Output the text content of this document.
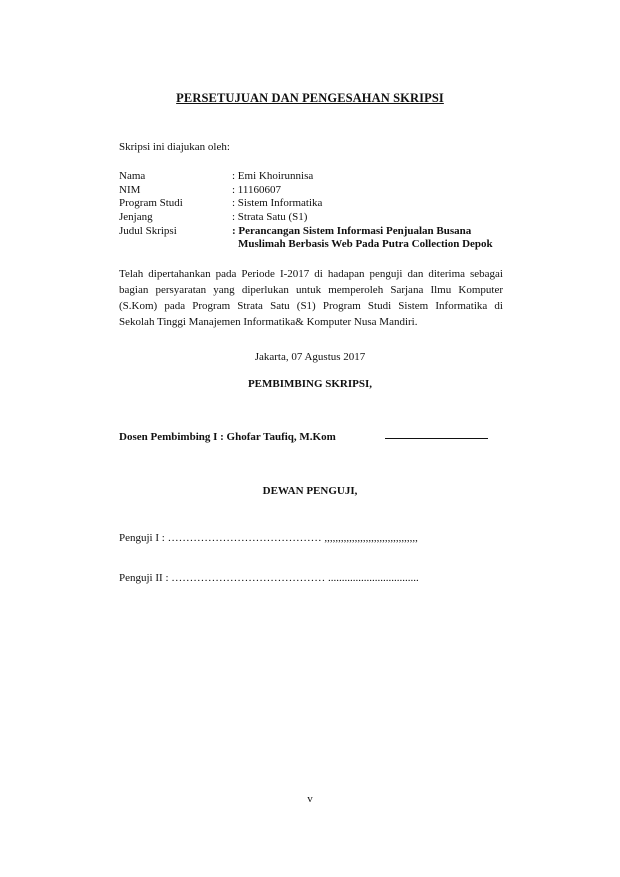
PERSETUJUAN DAN PENGESAHAN SKRIPSI
Skripsi ini diajukan oleh:
Nama	: Emi Khoirunnisa
NIM	: 11160607
Program Studi	: Sistem Informatika
Jenjang	: Strata Satu (S1)
Judul Skripsi	: Perancangan Sistem Informasi Penjualan Busana
Muslimah Berbasis Web Pada Putra Collection Depok
Telah dipertahankan pada Periode I-2017 di hadapan penguji dan diterima sebagai
bagian persyaratan yang diperlukan untuk memperoleh Sarjana Ilmu Komputer
(S.Kom) pada Program Strata Satu (S1) Program Studi Sistem Informatika di
Sekolah Tinggi Manajemen Informatika& Komputer Nusa Mandiri.
Jakarta, 07 Agustus 2017
PEMBIMBING SKRIPSI,
Dosen Pembimbing I : Ghofar Taufiq, M.Kom
DEWAN PENGUJI,
Penguji I : …………………………………… ,,,,,,,,,,,,,,,,,,,,,,,,,,,,,,,,,,
Penguji II : …………………………………… .................................
v
